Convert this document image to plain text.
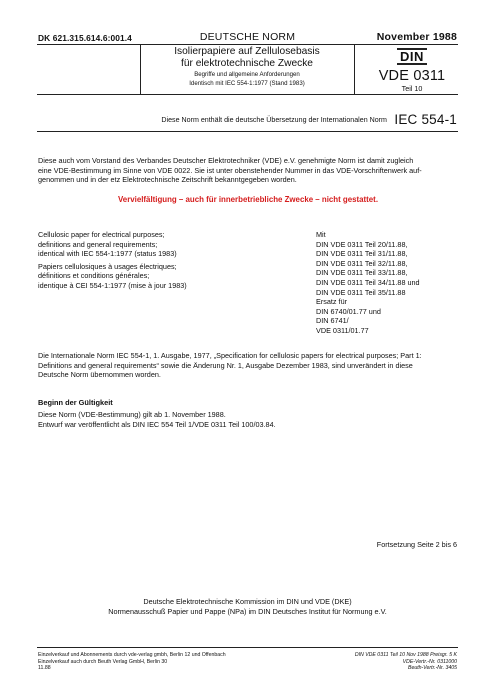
DK 621.315.614.6:001.4	DEUTSCHE NORM	November 1988
Isolierpapiere auf Zellulosebasis
für elektrotechnische Zwecke
Begriffe und allgemeine Anforderungen
Identisch mit IEC 554-1:1977 (Stand 1983)
DIN
VDE 0311
Teil 10
Diese Norm enthält die deutsche Übersetzung der Internationalen Norm IEC 554-1
Diese auch vom Vorstand des Verbandes Deutscher Elektrotechniker (VDE) e.V. genehmigte Norm ist damit zugleich
eine VDE-Bestimmung im Sinne von VDE 0022. Sie ist unter obenstehender Nummer in das VDE-Vorschriftenwerk auf-
genommen und in der etz Elektrotechnische Zeitschrift bekanntgegeben worden.
Vervielfältigung – auch für innerbetriebliche Zwecke – nicht gestattet.
Cellulosic paper for electrical purposes;
definitions and general requirements;
identical with IEC 554-1:1977 (status 1983)
Papiers cellulosiques à usages électriques;
définitions et conditions générales;
identique à CEI 554-1:1977 (mise à jour 1983)
Mit
DIN VDE 0311 Teil 20/11.88,
DIN VDE 0311 Teil 31/11.88,
DIN VDE 0311 Teil 32/11.88,
DIN VDE 0311 Teil 33/11.88,
DIN VDE 0311 Teil 34/11.88 und
DIN VDE 0311 Teil 35/11.88
Ersatz für
DIN 6740/01.77 und
DIN 6741/
VDE 0311/01.77
Die Internationale Norm IEC 554-1, 1. Ausgabe, 1977, „Specification for cellulosic papers for electrical purposes; Part 1:
Definitions and general requirements“ sowie die Änderung Nr. 1, Ausgabe Dezember 1983, sind unverändert in diese
Deutsche Norm übernommen worden.
Beginn der Gültigkeit
Diese Norm (VDE-Bestimmung) gilt ab 1. November 1988.
Entwurf war veröffentlicht als DIN IEC 554 Teil 1/VDE 0311 Teil 100/03.84.
Fortsetzung Seite 2 bis 6
Deutsche Elektrotechnische Kommission im DIN und VDE (DKE)
Normenausschuß Papier und Pappe (NPa) im DIN Deutsches Institut für Normung e.V.
Einzelverkauf und Abonnements durch vde-verlag gmbh, Berlin 12 und Offenbach
Einzelverkauf auch durch Beuth Verlag GmbH, Berlin 30
11.88
DIN VDE 0311 Teil 10 Nov 1988 Preisgr. 5 K
VDE-Vertr.-Nr. 0311000
Beuth-Vertr.-Nr. 3405
